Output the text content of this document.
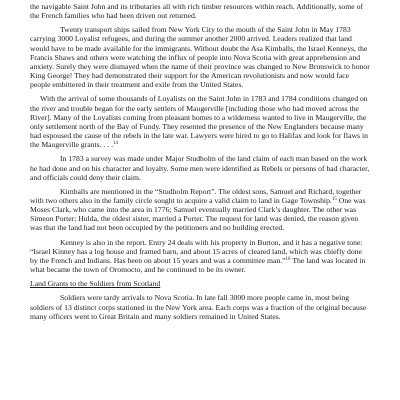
the navigable Saint John and its tributaries all with rich timber resources within reach. Additionally, some of the French families who had been driven out returned.

Twenty transport ships sailed from New York City to the mouth of the Saint John in May 1783 carrying 3000 Loyalist refugees, and during the summer another 2000 arrived. Leaders realized that land would have to be made available for the immigrants. Without doubt the Asa Kimballs, the Israel Kenneys, the Francis Shaws and others were watching the influx of people into Nova Scotia with great apprehension and anxiety. Surely they were dismayed when the name of their province was changed to New Brunswick to honor King George! They had demonstrated their support for the American revolutionists and now would face people embittered in their treatment and exile from the United States.

With the arrival of some thousands of Loyalists on the Saint John in 1783 and 1784 conditions changed on the river and trouble began for the early settlers of Maugerville [including those who had moved across the River]. Many of the Loyalists coming from pleasant homes to a wilderness wanted to live in Maugerville, the only settlement north of the Bay of Fundy. They resented the presence of the New Englanders because many had espoused the cause of the rebels in the late war. Lawyers were hired to go to Halifax and look for flaws in the Maugerville grants. . . .$^{14}$

In 1783 a survey was made under Major Studholm of the land claim of each man based on the work he had done and on his character and loyalty. Some men were identified as Rebels or persons of bad character, and officials could deny their claim.

Kimballs are mentioned in the “Studholm Report”. The oldest sons, Samuel and Richard, together with two others also in the family circle sought to acquire a valid claim to land in Gage Township.$^{15}$ One was Moses Clark, who came into the area in 1776; Samuel eventually married Clark’s daughter. The other was Simeon Porter; Hulda, the oldest sister, married a Porter. The request for land was denied, the reason given was that the land had not been occupied by the petitioners and no building erected.

Kenney is also in the report. Entry 24 deals with his property in Burton, and it has a negative tone: “Israel Kinney has a log house and framed barn, and about 15 acres of cleared land, which was chiefly done by the French and Indians. Has been on about 15 years and was a committee man.”$^{16}$ The land was located in what became the town of Oromocto, and he continued to be its owner.

Land Grants to the Soldiers from Scotland

Soldiers were tardy arrivals to Nova Scotia. In late fall 3000 more people came in, most being soldiers of 13 distinct corps stationed in the New York area. Each corps was a fraction of the original because many officers went to Great Britain and many soldiers remained in United States.
